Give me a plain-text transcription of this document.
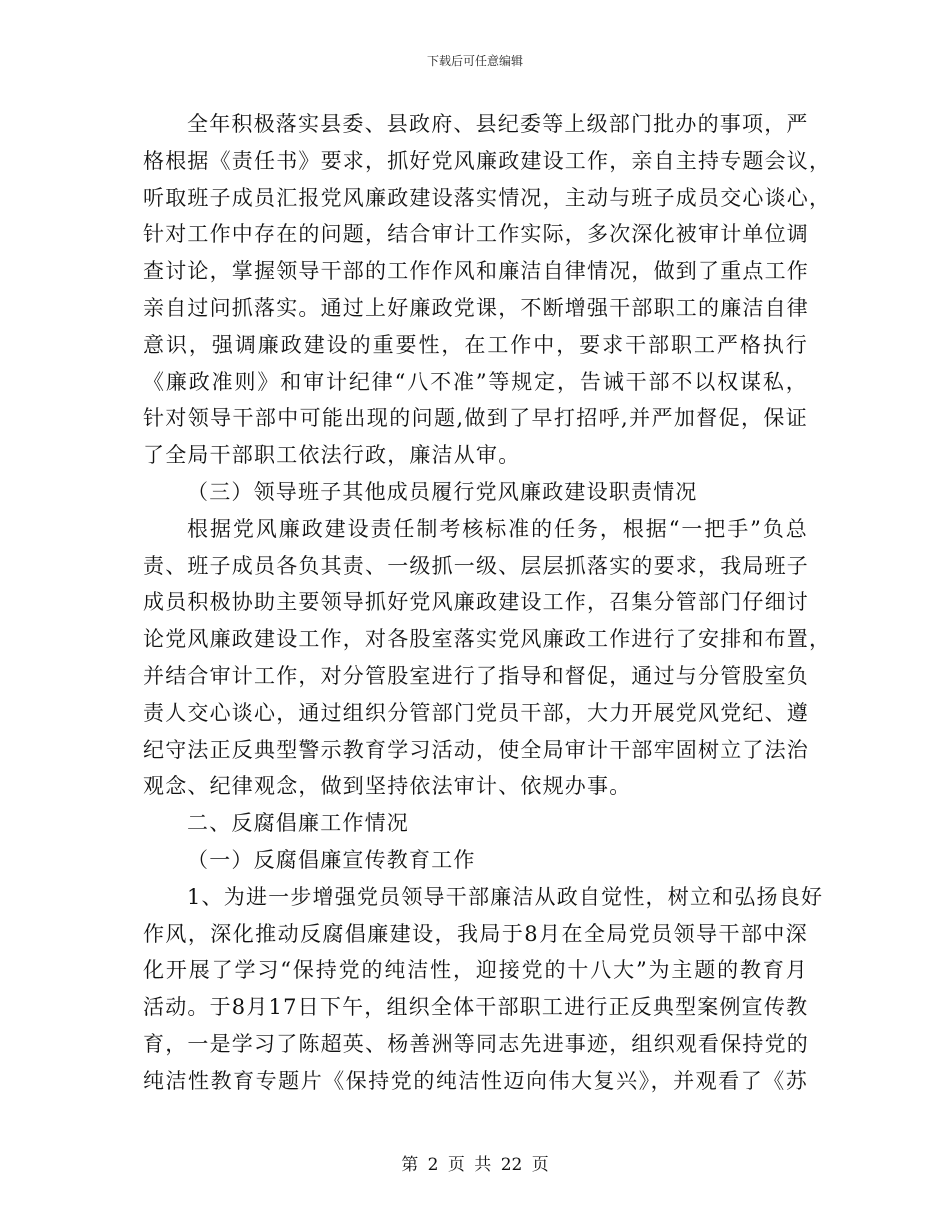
下载后可任意编辑
全年积极落实县委、县政府、县纪委等上级部门批办的事项，严
格根据《责任书》要求，抓好党风廉政建设工作，亲自主持专题会议，
听取班子成员汇报党风廉政建设落实情况，主动与班子成员交心谈心，
针对工作中存在的问题，结合审计工作实际，多次深化被审计单位调
查讨论，掌握领导干部的工作作风和廉洁自律情况，做到了重点工作
亲自过问抓落实。通过上好廉政党课，不断增强干部职工的廉洁自律
意识，强调廉政建设的重要性，在工作中，要求干部职工严格执行
《廉政准则》和审计纪律“八不准”等规定，告诫干部不以权谋私，
针对领导干部中可能出现的问题,做到了早打招呼,并严加督促，保证
了全局干部职工依法行政，廉洁从审。
（三）领导班子其他成员履行党风廉政建设职责情况
根据党风廉政建设责任制考核标准的任务，根据“一把手”负总
责、班子成员各负其责、一级抓一级、层层抓落实的要求，我局班子
成员积极协助主要领导抓好党风廉政建设工作，召集分管部门仔细讨
论党风廉政建设工作，对各股室落实党风廉政工作进行了安排和布置，
并结合审计工作，对分管股室进行了指导和督促，通过与分管股室负
责人交心谈心，通过组织分管部门党员干部，大力开展党风党纪、遵
纪守法正反典型警示教育学习活动，使全局审计干部牢固树立了法治
观念、纪律观念，做到坚持依法审计、依规办事。
二、反腐倡廉工作情况
（一）反腐倡廉宣传教育工作
1、为进一步增强党员领导干部廉洁从政自觉性，树立和弘扬良好
作风，深化推动反腐倡廉建设，我局于8月在全局党员领导干部中深
化开展了学习“保持党的纯洁性，迎接党的十八大”为主题的教育月
活动。于8月17日下午，组织全体干部职工进行正反典型案例宣传教
育，一是学习了陈超英、杨善洲等同志先进事迹，组织观看保持党的
纯洁性教育专题片《保持党的纯洁性迈向伟大复兴》，并观看了《苏
第 2 页 共 22 页
